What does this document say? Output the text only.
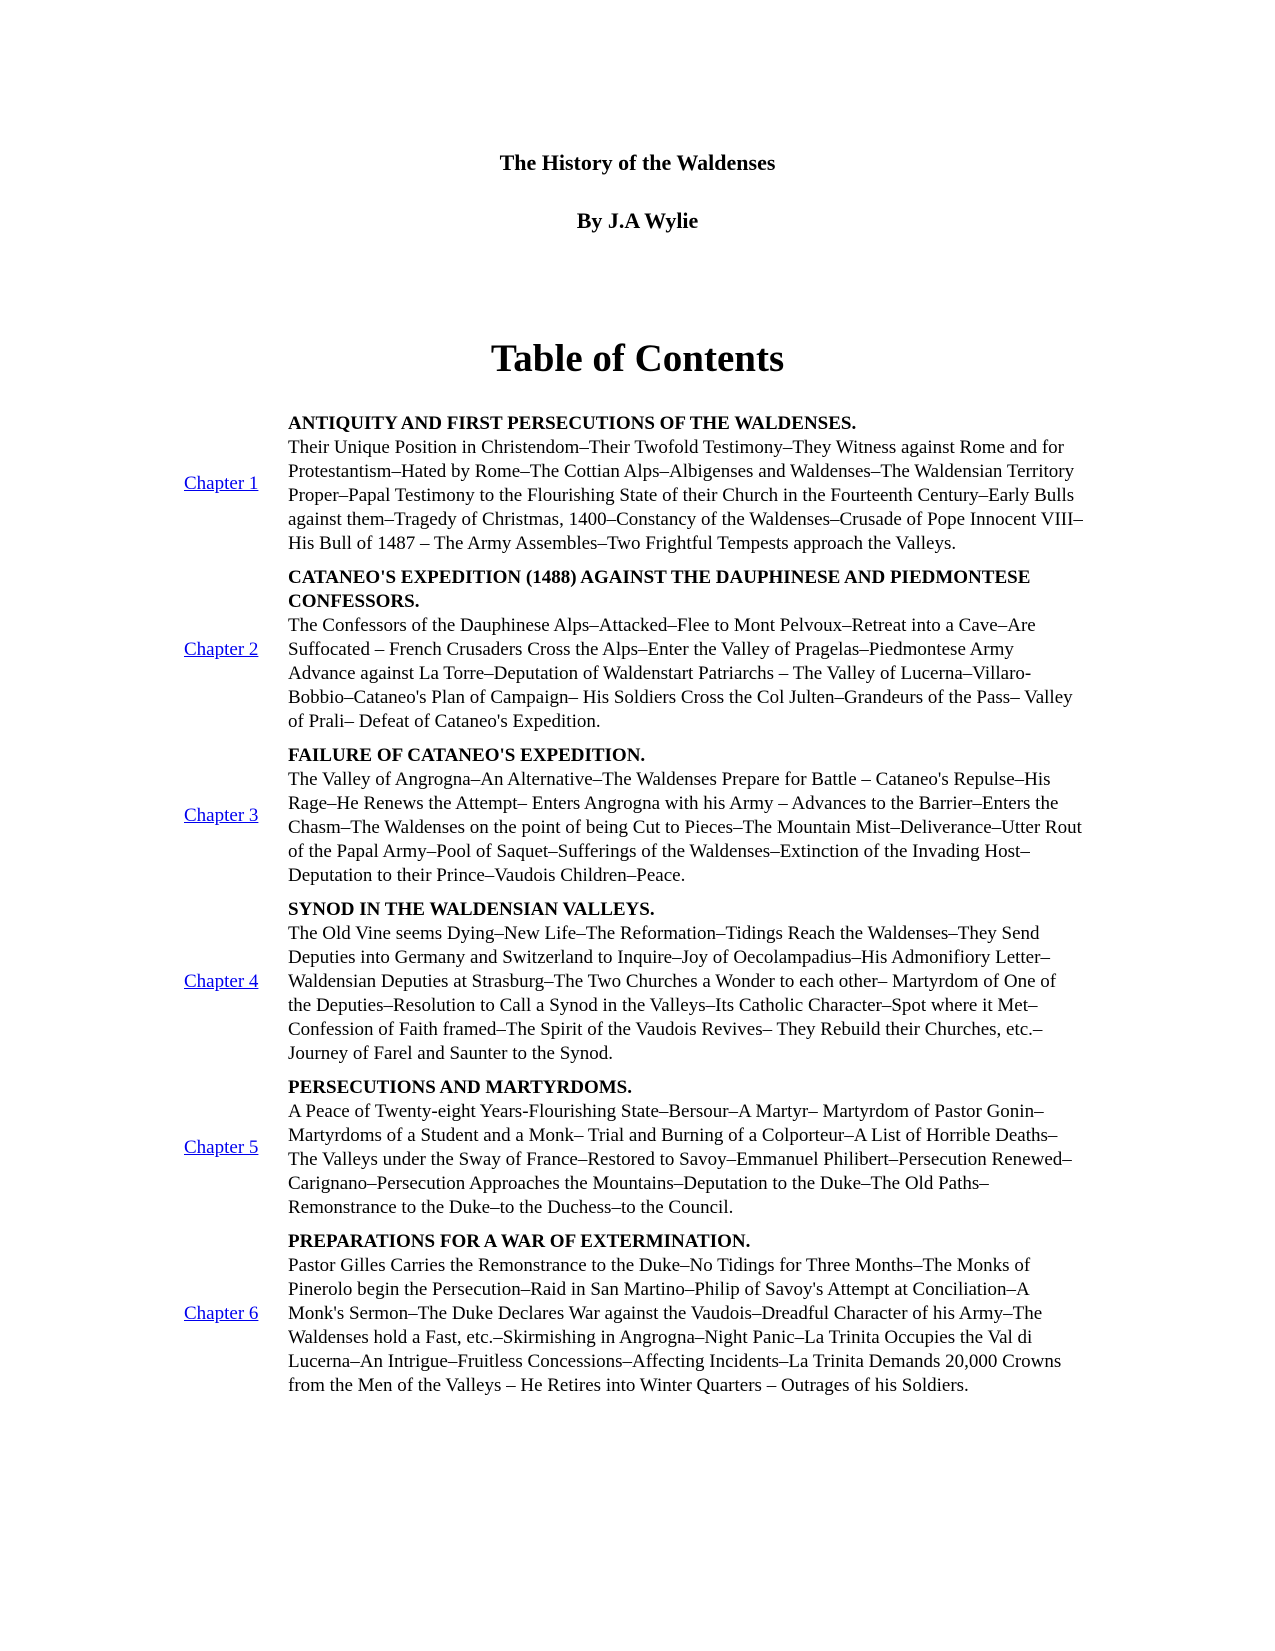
The History of the Waldenses
By J.A Wylie
Table of Contents
Chapter 1
ANTIQUITY AND FIRST PERSECUTIONS OF THE WALDENSES.
Their Unique Position in Christendom–Their Twofold Testimony–They Witness against Rome and for Protestantism–Hated by Rome–The Cottian Alps–Albigenses and Waldenses–The Waldensian Territory Proper–Papal Testimony to the Flourishing State of their Church in the Fourteenth Century–Early Bulls against them–Tragedy of Christmas, 1400–Constancy of the Waldenses–Crusade of Pope Innocent VIII– His Bull of 1487 – The Army Assembles–Two Frightful Tempests approach the Valleys.
Chapter 2
CATANEO'S EXPEDITION (1488) AGAINST THE DAUPHINESE AND PIEDMONTESE CONFESSORS.
The Confessors of the Dauphinese Alps–Attacked–Flee to Mont Pelvoux–Retreat into a Cave–Are Suffocated – French Crusaders Cross the Alps–Enter the Valley of Pragelas–Piedmontese Army Advance against La Torre–Deputation of Waldenstart Patriarchs – The Valley of Lucerna–Villaro-Bobbio–Cataneo's Plan of Campaign– His Soldiers Cross the Col Julten–Grandeurs of the Pass– Valley of Prali– Defeat of Cataneo's Expedition.
Chapter 3
FAILURE OF CATANEO'S EXPEDITION.
The Valley of Angrogna–An Alternative–The Waldenses Prepare for Battle – Cataneo's Repulse–His Rage–He Renews the Attempt– Enters Angrogna with his Army – Advances to the Barrier–Enters the Chasm–The Waldenses on the point of being Cut to Pieces–The Mountain Mist–Deliverance–Utter Rout of the Papal Army–Pool of Saquet–Sufferings of the Waldenses–Extinction of the Invading Host– Deputation to their Prince–Vaudois Children–Peace.
Chapter 4
SYNOD IN THE WALDENSIAN VALLEYS.
The Old Vine seems Dying–New Life–The Reformation–Tidings Reach the Waldenses–They Send Deputies into Germany and Switzerland to Inquire–Joy of Oecolampadius–His Admonifiory Letter–Waldensian Deputies at Strasburg–The Two Churches a Wonder to each other– Martyrdom of One of the Deputies–Resolution to Call a Synod in the Valleys–Its Catholic Character–Spot where it Met–Confession of Faith framed–The Spirit of the Vaudois Revives– They Rebuild their Churches, etc.–Journey of Farel and Saunter to the Synod.
Chapter 5
PERSECUTIONS AND MARTYRDOMS.
A Peace of Twenty-eight Years-Flourishing State–Bersour–A Martyr– Martyrdom of Pastor Gonin–Martyrdoms of a Student and a Monk– Trial and Burning of a Colporteur–A List of Horrible Deaths–The Valleys under the Sway of France–Restored to Savoy–Emmanuel Philibert–Persecution Renewed–Carignano–Persecution Approaches the Mountains–Deputation to the Duke–The Old Paths– Remonstrance to the Duke–to the Duchess–to the Council.
Chapter 6
PREPARATIONS FOR A WAR OF EXTERMINATION.
Pastor Gilles Carries the Remonstrance to the Duke–No Tidings for Three Months–The Monks of Pinerolo begin the Persecution–Raid in San Martino–Philip of Savoy's Attempt at Conciliation–A Monk's Sermon–The Duke Declares War against the Vaudois–Dreadful Character of his Army–The Waldenses hold a Fast, etc.–Skirmishing in Angrogna–Night Panic–La Trinita Occupies the Val di Lucerna–An Intrigue–Fruitless Concessions–Affecting Incidents–La Trinita Demands 20,000 Crowns from the Men of the Valleys – He Retires into Winter Quarters – Outrages of his Soldiers.
